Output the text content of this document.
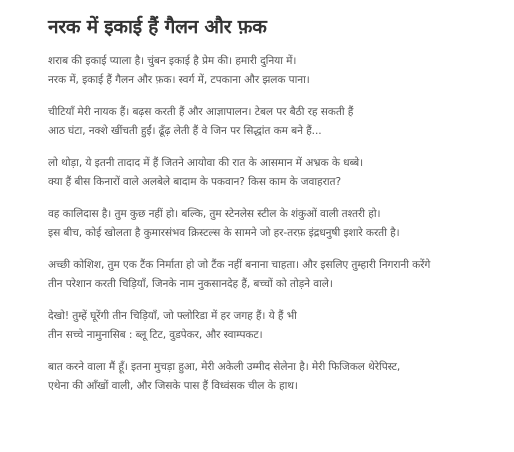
नरक में इकाई हैं गैलन और फ़क
शराब की इकाई प्याला है। चुंबन इकाई है प्रेम की। हमारी दुनिया में।
नरक में, इकाई हैं गैलन और फ़क। स्वर्ग में, टपकाना और झलक पाना।
चीटियाँ मेरी नायक हैं। बढ़स करती हैं और आज्ञापालन। टेबल पर बैठी रह सकती हैं
आठ घंटा, नक्शे खींचती हुईं। ढूँढ़ लेती हैं वे जिन पर सिद्धांत कम बने हैं...
लो थोड़ा, ये इतनी तादाद में हैं जितने आयोवा की रात के आसमान में अभ्रक के धब्बे।
क्या हैं बीस किनारों वाले अलबेले बादाम के पकवान? किस काम के जवाहरात?
वह कालिदास है। तुम कुछ नहीं हो। बल्कि, तुम स्टेनलेस स्टील के शंकुओं वाली तश्तरी हो।
इस बीच, कोई खोलता है कुमारसंभव क्रिस्टल्स के सामने जो हर-तरफ़ इंद्रधनुषी इशारे करती है।
अच्छी कोशिश, तुम एक टैंक निर्माता हो जो टैंक नहीं बनाना चाहता। और इसलिए तुम्हारी निगरानी करेंगे
तीन परेशान करती चिड़ियाँ, जिनके नाम नुकसानदेह हैं, बच्चों को तोड़ने वाले।
देखो! तुम्हें घूरेंगी तीन चिड़ियाँ, जो फ्लोरिडा में हर जगह हैं। ये हैं भी
तीन सच्चे नामुनासिब : ब्लू टिट, वुडपेकर, और स्वाम्पकट।
बात करने वाला मैं हूँ। इतना मुचड़ा हुआ, मेरी अकेली उम्मीद सेलेना है। मेरी फिजिकल थेरेपिस्ट,
एथेना की आँखों वाली, और जिसके पास हैं विध्वंसक चील के हाथ।
